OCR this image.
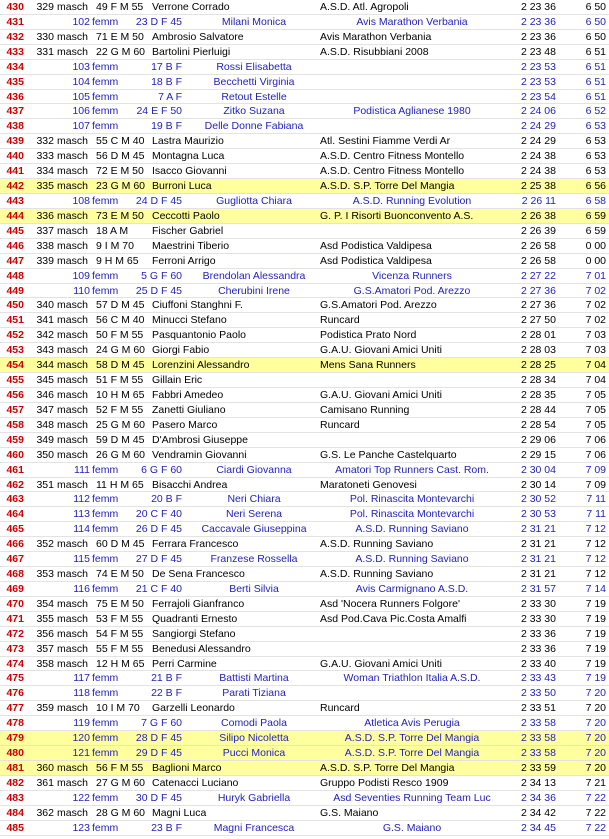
430	329 masch 49 F M 55 Verrone Corrado	A.S.D. Atl. Agropoli	2 23 36	6 50
431	102 femm	23 D F 45	Milani Monica	Avis Marathon Verbania	2 23 36	6 50
432	330 masch 71 E M 50 Ambrosio Salvatore	Avis Marathon Verbania	2 23 36	6 50
433	331 masch 22 G M 60 Bartolini Pierluigi	A.S.D. Risubbiani 2008	2 23 48	6 51
434	103 femm	17 B F	Rossi Elisabetta	2 23 53	6 51
435	104 femm	18 B F	Becchetti Virginia	2 23 53	6 51
436	105 femm	7 A F	Retout Estelle	2 23 54	6 51
437	106 femm	24 E F 50	Zitko Suzana	Podistica Aglianese 1980	2 24 06	6 52
438	107 femm	19 B F	Delle Donne Fabiana	2 24 29	6 53
439	332 masch 55 C M 40 Lastra Maurizio	Atl. Sestini Fiamme Verdi Ar	2 24 29	6 53
440	333 masch 56 D M 45 Montagna Luca	A.S.D. Centro Fitness Montello	2 24 38	6 53
441	334 masch 72 E M 50 Isacco Giovanni	A.S.D. Centro Fitness Montello	2 24 38	6 53
442	335 masch 23 G M 60 Burroni Luca	A.S.D. S.P. Torre Del Mangia	2 25 38	6 56
443	108 femm	24 D F 45	Gugliotta Chiara	A.S.D. Running Evolution	2 26 11	6 58
444	336 masch 73 E M 50 Ceccotti Paolo	G. P. I Risorti Buonconvento A.S.	2 26 38	6 59
445	337 masch 18 A M	Fischer Gabriel	2 26 39	6 59
446	338 masch 9 I M 70	Maestrini Tiberio	Asd Podistica Valdipesa	2 26 58	0 00
447	339 masch 9 H M 65	Ferroni Arrigo	Asd Podistica Valdipesa	2 26 58	0 00
448	109 femm	5 G F 60	Brendolan Alessandra	Vicenza Runners	2 27 22	7 01
449	110 femm	25 D F 45	Cherubini Irene	G.S.Amatori Pod. Arezzo	2 27 36	7 02
450	340 masch 57 D M 45 Ciuffoni Stanghni F.	G.S.Amatori Pod. Arezzo	2 27 36	7 02
451	341 masch 56 C M 40 Minucci Stefano	Runcard	2 27 50	7 02
452	342 masch 50 F M 55 Pasquantonio Paolo	Podistica Prato Nord	2 28 01	7 03
453	343 masch 24 G M 60 Giorgi Fabio	G.A.U. Giovani Amici Uniti	2 28 03	7 03
454	344 masch 58 D M 45 Lorenzini Alessandro	Mens Sana Runners	2 28 25	7 04
455	345 masch 51 F M 55 Gillain Eric	2 28 34	7 04
456	346 masch 10 H M 65 Fabbri Amedeo	G.A.U. Giovani Amici Uniti	2 28 35	7 05
457	347 masch 52 F M 55 Zanetti Giuliano	Camisano Running	2 28 44	7 05
458	348 masch 25 G M 60 Pasero Marco	Runcard	2 28 54	7 05
459	349 masch 59 D M 45 D'Ambrosi Giuseppe	2 29 06	7 06
460	350 masch 26 G M 60 Vendramin Giovanni	G.S. Le Panche Castelquarto	2 29 15	7 06
461	111 femm	6 G F 60	Ciardi Giovanna	Amatori Top Runners Cast. Rom.	2 30 04	7 09
462	351 masch 11 H M 65 Bisacchi Andrea	Maratoneti Genovesi	2 30 14	7 09
463	112 femm	20 B F	Neri Chiara	Pol. Rinascita Montevarchi	2 30 52	7 11
464	113 femm	20 C F 40	Neri Serena	Pol. Rinascita Montevarchi	2 30 53	7 11
465	114 femm	26 D F 45	Caccavale Giuseppina	A.S.D. Running Saviano	2 31 21	7 12
466	352 masch 60 D M 45 Ferrara Francesco	A.S.D. Running Saviano	2 31 21	7 12
467	115 femm	27 D F 45	Franzese Rossella	A.S.D. Running Saviano	2 31 21	7 12
468	353 masch 74 E M 50 De Sena Francesco	A.S.D. Running Saviano	2 31 21	7 12
469	116 femm	21 C F 40	Berti Silvia	Avis Carmignano A.S.D.	2 31 57	7 14
470	354 masch 75 E M 50 Ferrajoli Gianfranco	Asd 'Nocera Runners Folgore'	2 33 30	7 19
471	355 masch 53 F M 55 Quadranti Ernesto	Asd Pod.Cava Pic.Costa Amalfi	2 33 30	7 19
472	356 masch 54 F M 55 Sangiorgi Stefano	2 33 36	7 19
473	357 masch 55 F M 55 Benedusi Alessandro	2 33 36	7 19
474	358 masch 12 H M 65 Perri Carmine	G.A.U. Giovani Amici Uniti	2 33 40	7 19
475	117 femm	21 B F	Battisti Martina	Woman Triathlon Italia A.S.D.	2 33 43	7 19
476	118 femm	22 B F	Parati Tiziana	2 33 50	7 20
477	359 masch 10 I M 70	Garzelli Leonardo	Runcard	2 33 51	7 20
478	119 femm	7 G F 60	Comodi Paola	Atletica Avis Perugia	2 33 58	7 20
479	120 femm	28 D F 45	Silipo Nicoletta	A.S.D. S.P. Torre Del Mangia	2 33 58	7 20
480	121 femm	29 D F 45	Pucci Monica	A.S.D. S.P. Torre Del Mangia	2 33 58	7 20
481	360 masch 56 F M 55 Baglioni Marco	A.S.D. S.P. Torre Del Mangia	2 33 59	7 20
482	361 masch 27 G M 60 Catenacci Luciano	Gruppo Podisti Resco 1909	2 34 13	7 21
483	122 femm	30 D F 45	Huryk Gabriella	Asd Seventies Running Team Luc	2 34 36	7 22
484	362 masch 28 G M 60 Magni Luca	G.S. Maiano	2 34 42	7 22
485	123 femm	23 B F	Magni Francesca	G.S. Maiano	2 34 45	7 22
